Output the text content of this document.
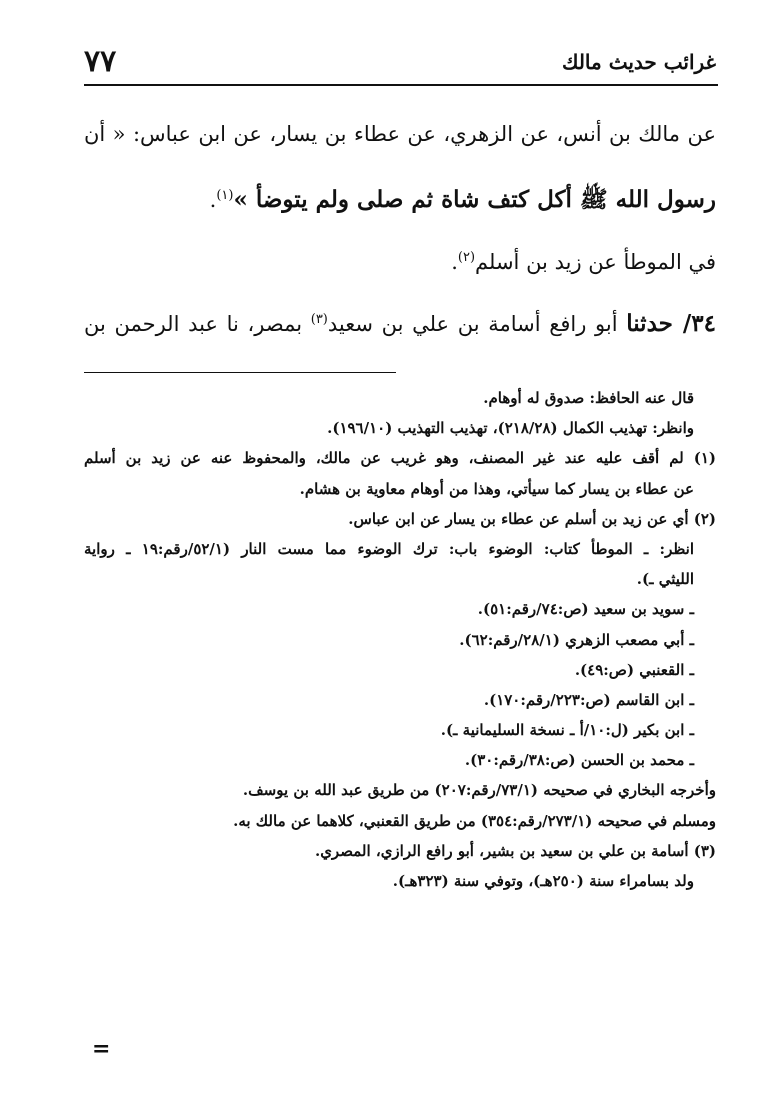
٧٧	غرائب حديث مالك
عن مالك بن أنس، عن الزهري، عن عطاء بن يسار، عن ابن عباس: « أن
رسول الله ﷺ أكل كتف شاة ثم صلى ولم يتوضأ »$^{(١)}$.
في الموطأ عن زيد بن أسلم$^{(٢)}$.
٣٤/ حدثنا أبو رافع أسامة بن علي بن سعيد$^{(٣)}$ بمصر، نا عبد الرحمن بن
قال عنه الحافظ: صدوق له أوهام.
وانظر: تهذيب الكمال (٢١٨/٢٨)، تهذيب التهذيب (١٩٦/١٠).
(١) لم أقف عليه عند غير المصنف، وهو غريب عن مالك، والمحفوظ عنه عن زيد بن أسلم
عن عطاء بن يسار كما سيأتي، وهذا من أوهام معاوية بن هشام.
(٢) أي عن زيد بن أسلم عن عطاء بن يسار عن ابن عباس.
انظر: ـ الموطأ كتاب: الوضوء باب: ترك الوضوء مما مست النار (٥٢/١/رقم:١٩ ـ رواية
الليثي ـ).
ـ سويد بن سعيد (ص:٧٤/رقم:٥١).
ـ أبي مصعب الزهري (٢٨/١/رقم:٦٢).
ـ القعنبي (ص:٤٩).
ـ ابن القاسم (ص:٢٢٣/رقم:١٧٠).
ـ ابن بكير (ل:١٠/أ ـ نسخة السليمانية ـ).
ـ محمد بن الحسن (ص:٣٨/رقم:٣٠).
وأخرجه البخاري في صحيحه (٧٣/١/رقم:٢٠٧) من طريق عبد الله بن يوسف.
ومسلم في صحيحه (٢٧٣/١/رقم:٣٥٤) من طريق القعنبي، كلاهما عن مالك به.
(٣) أسامة بن علي بن سعيد بن بشير، أبو رافع الرازي، المصري.
ولد بسامراء سنة (٢٥٠هـ)، وتوفي سنة (٣٢٣هـ).
=
